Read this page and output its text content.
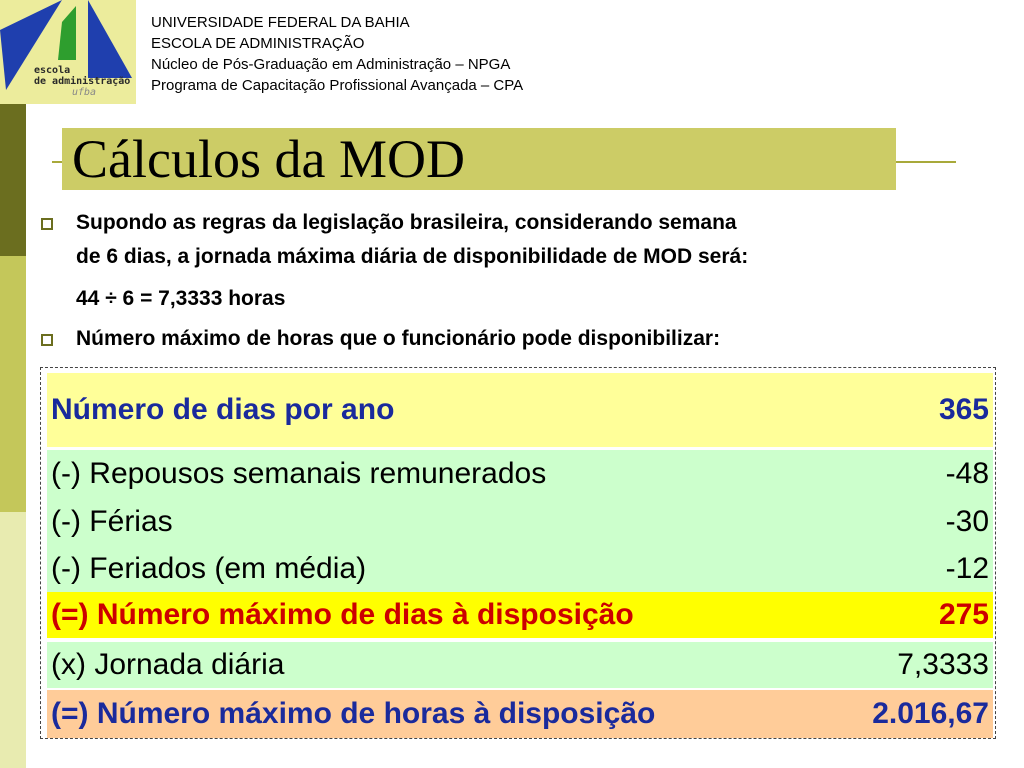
escola
de administração
ufba
UNIVERSIDADE FEDERAL DA BAHIA
ESCOLA DE ADMINISTRAÇÃO
Núcleo de Pós-Graduação em Administração – NPGA
Programa de Capacitação Profissional Avançada – CPA
Cálculos da MOD
Supondo as regras da legislação brasileira, considerando semana
de 6 dias, a jornada máxima diária de disponibilidade de MOD será:
44 ÷ 6 = 7,3333 horas
Número máximo de horas que o funcionário pode disponibilizar:
Número de dias por ano	365
(-) Repousos semanais remunerados	-48
(-) Férias	-30
(-) Feriados (em média)	-12
(=) Número máximo de dias à disposição	275
(x) Jornada diária	7,3333
(=) Número máximo de horas à disposição	2.016,67
